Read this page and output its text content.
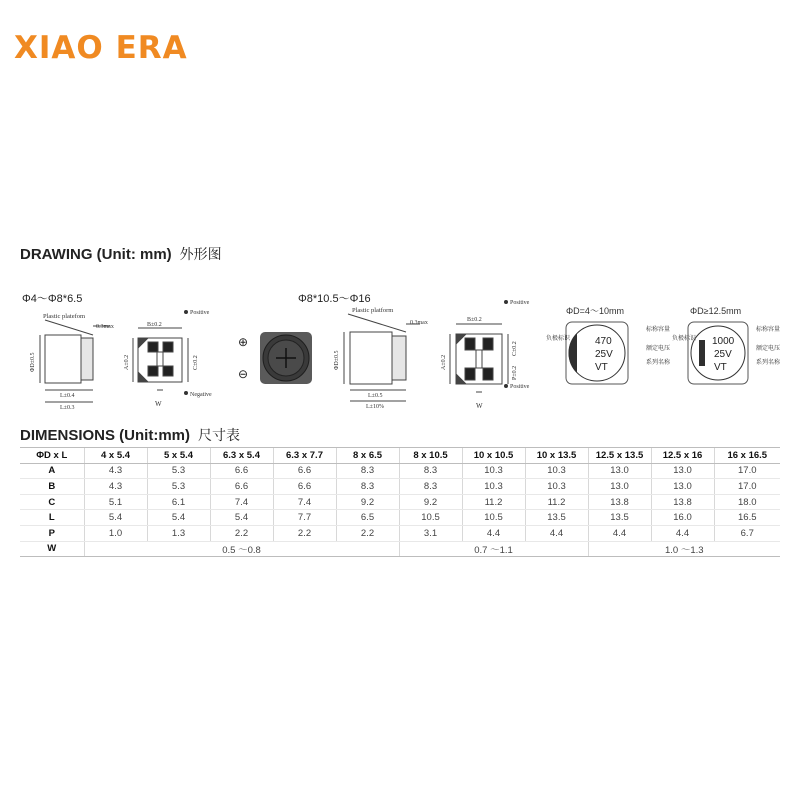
XIAO ERA
DRAWING (Unit: mm) 外形图
Φ4～Φ8*6.5	Φ8*10.5～Φ16
Plastic platefom
0.3max
ΦD±0.5
L±0.4
L±0.3
B±0.2
A±0.2	C±0.2
W
Positive
Negative
⊕
⊖
Plastic platform
0.3max
ΦD±0.5
L±0.5
L±10%
B±0.2
A±0.2
C±0.2
P±0.2
W
Positive
Positive
ΦD=4～10mm
470
25V
VT
负极标识
标称容量
额定电压
系列名称
ΦD≥12.5mm
1000
25V
VT
标称容量
负极标识
额定电压
系列名称
DIMENSIONS (Unit:mm) 尺寸表
ΦD x L	4 x 5.4	5 x 5.4	6.3 x 5.4	6.3 x 7.7	8 x 6.5	8 x 10.5	10 x 10.5	10 x 13.5	12.5 x 13.5	12.5 x 16	16 x 16.5
A	4.3	5.3	6.6	6.6	8.3	8.3	10.3	10.3	13.0	13.0	17.0
B	4.3	5.3	6.6	6.6	8.3	8.3	10.3	10.3	13.0	13.0	17.0
C	5.1	6.1	7.4	7.4	9.2	9.2	11.2	11.2	13.8	13.8	18.0
L	5.4	5.4	5.4	7.7	6.5	10.5	10.5	13.5	13.5	16.0	16.5
P	1.0	1.3	2.2	2.2	2.2	3.1	4.4	4.4	4.4	4.4	6.7
W	0.5 ～0.8					0.7 ～1.1			1.0 ～1.3		
